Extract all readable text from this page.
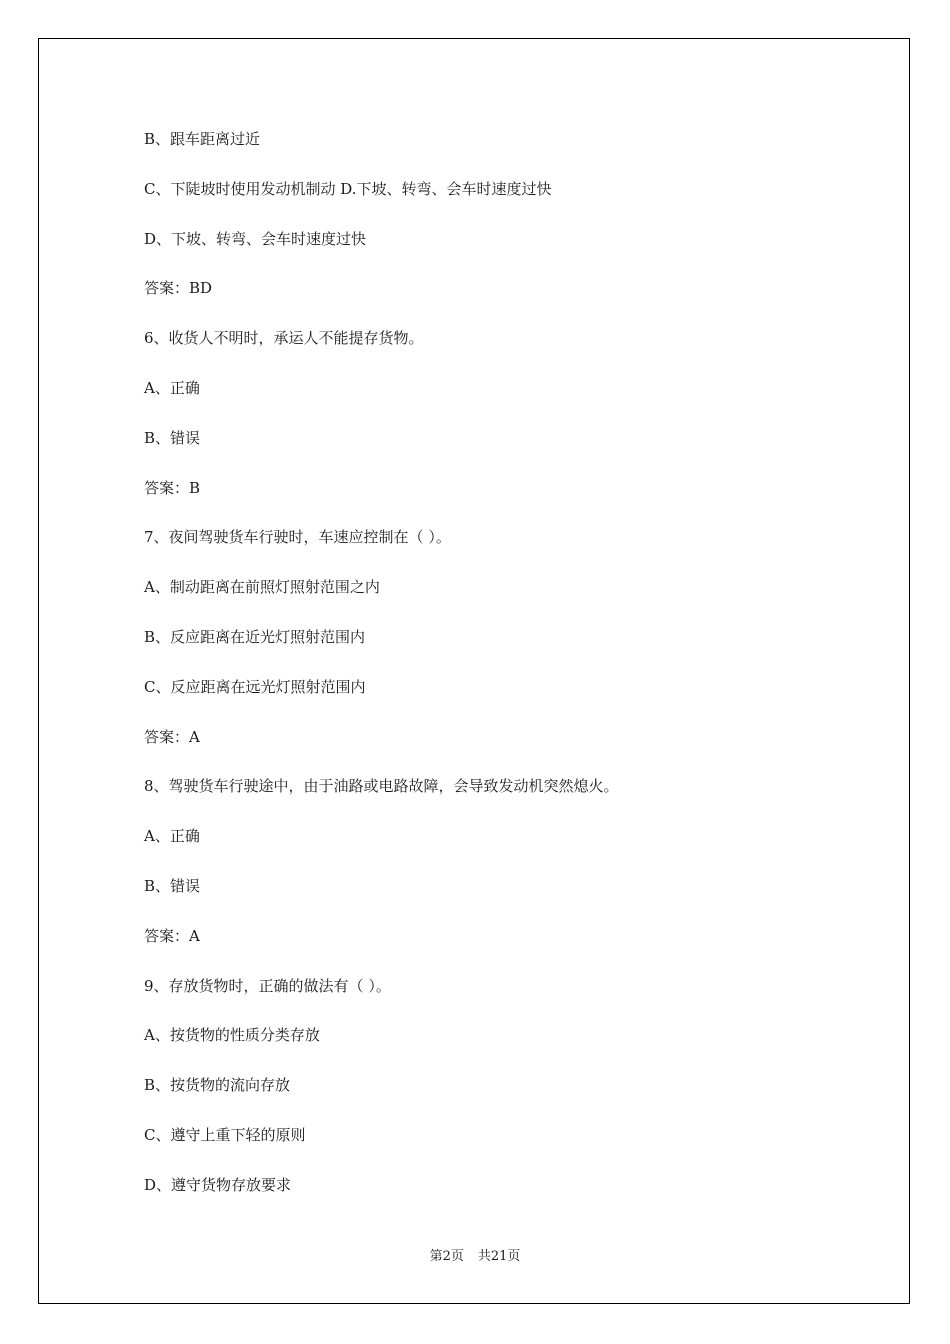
B、跟车距离过近
C、下陡坡时使用发动机制动 D.下坡、转弯、会车时速度过快
D、下坡、转弯、会车时速度过快
答案：BD
6、收货人不明时，承运人不能提存货物。
A、正确
B、错误
答案：B
7、夜间驾驶货车行驶时，车速应控制在（ ）。
A、制动距离在前照灯照射范围之内
B、反应距离在近光灯照射范围内
C、反应距离在远光灯照射范围内
答案：A
8、驾驶货车行驶途中，由于油路或电路故障，会导致发动机突然熄火。
A、正确
B、错误
答案：A
9、存放货物时，正确的做法有（ ）。
A、按货物的性质分类存放
B、按货物的流向存放
C、遵守上重下轻的原则
D、遵守货物存放要求
第2页 共21页
